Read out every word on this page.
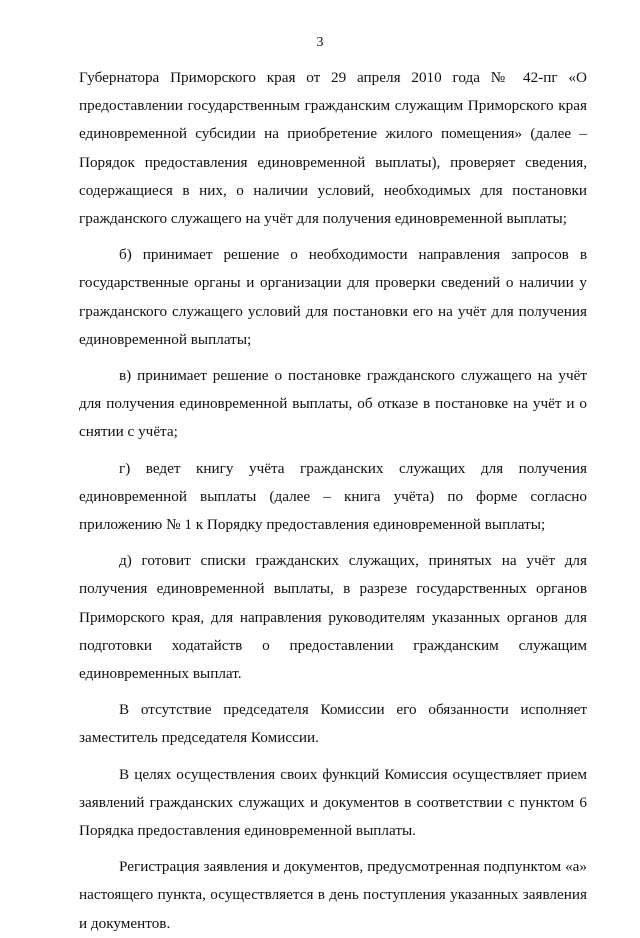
3

Губернатора Приморского края от 29 апреля 2010 года № 42-пг «О предоставлении государственным гражданским служащим Приморского края единовременной субсидии на приобретение жилого помещения» (далее – Порядок предоставления единовременной выплаты), проверяет сведения, содержащиеся в них, о наличии условий, необходимых для постановки гражданского служащего на учёт для получения единовременной выплаты;

б) принимает решение о необходимости направления запросов в государственные органы и организации для проверки сведений о наличии у гражданского служащего условий для постановки его на учёт для получения единовременной выплаты;

в) принимает решение о постановке гражданского служащего на учёт для получения единовременной выплаты, об отказе в постановке на учёт и о снятии с учёта;

г) ведет книгу учёта гражданских служащих для получения единовременной выплаты (далее – книга учёта) по форме согласно приложению № 1 к Порядку предоставления единовременной выплаты;

д) готовит списки гражданских служащих, принятых на учёт для получения единовременной выплаты, в разрезе государственных органов Приморского края, для направления руководителям указанных органов для подготовки ходатайств о предоставлении гражданским служащим единовременных выплат.

В отсутствие председателя Комиссии его обязанности исполняет заместитель председателя Комиссии.

В целях осуществления своих функций Комиссия осуществляет прием заявлений гражданских служащих и документов в соответствии с пунктом 6 Порядка предоставления единовременной выплаты.

Регистрация заявления и документов, предусмотренная подпунктом «а» настоящего пункта, осуществляется в день поступления указанных заявления и документов.
